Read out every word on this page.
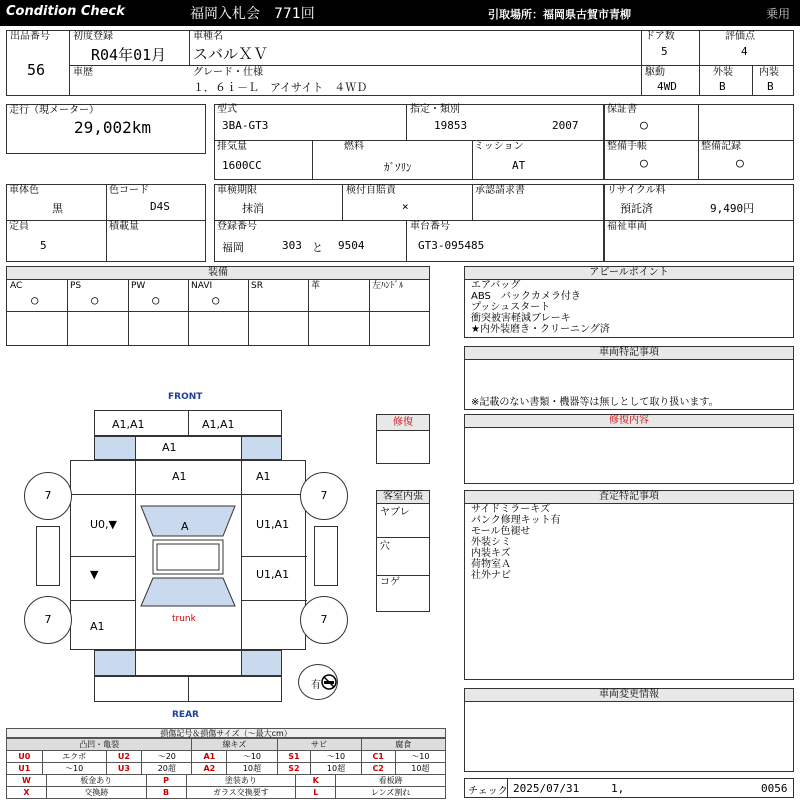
Condition Check	福岡入札会　771回	引取場所：福岡県古賀市青柳	乗用
出品番号
56
初度登録
R04年01月
車種名
スバルＸＶ
ドア数
5
評価点
4
車歴	グレード・仕様
１．６ｉ－Ｌ　アイサイト　４ＷＤ
駆動
4WD
外装
B
内装
B
走行（現メーター）
29,002km
型式
3BA-GT3
指定・類別
19853	2007
排気量
1600CC
燃料
ｶﾞｿﾘﾝ
ミッション
AT
保証書
○
整備手帳
○
整備記録
○
車体色
黒
色コード
D4S
定員
5
積載量
車検期限
抹消
検付自賠責
×
承認請求書
登録番号
福岡	303 と 9504
車台番号
GT3-095485
リサイクル料
預託済	9,490円
福祉車両
装備
AC
○
PS
○
PW
○
NAVI
○
SR	革	左ﾊﾝﾄﾞﾙ
アピールポイント
エアバッグ
ABS　バックカメラ付き
プッシュスタート
衝突被害軽減ブレーキ
★内外装磨き・クリーニング済
車両特記事項
※記載のない書類・機器等は無しとして取り扱います。
修復内容
査定特記事項
サイドミラーキズ
パンク修理キット有
モール色褪せ
外装シミ
内装キズ
荷物室Ａ
社外ナビ
車両変更情報
修復
客室内張
ヤブレ
穴
コゲ
FRONT
REAR
A1,A1	A1,A1
A1
A1	A1
U0,▼	U1,A1
▼	U1,A1
A1
A
trunk
7	7
7	7
有
損傷記号＆損傷サイズ（～最大cm）
凸凹・亀裂				線キズ		サビ		腐食	
U0	エクボ	U2	～20	A1	～10	S1	～10	C1	～10
U1	～10	U3	20超	A2	10超	S2	10超	C2	10超
W	板金あり	P	塗装あり	K	看板跡
X	交換跡	B	ガラス交換要す	L	レンズ割れ	チェック 2025/07/31	1,	0056
